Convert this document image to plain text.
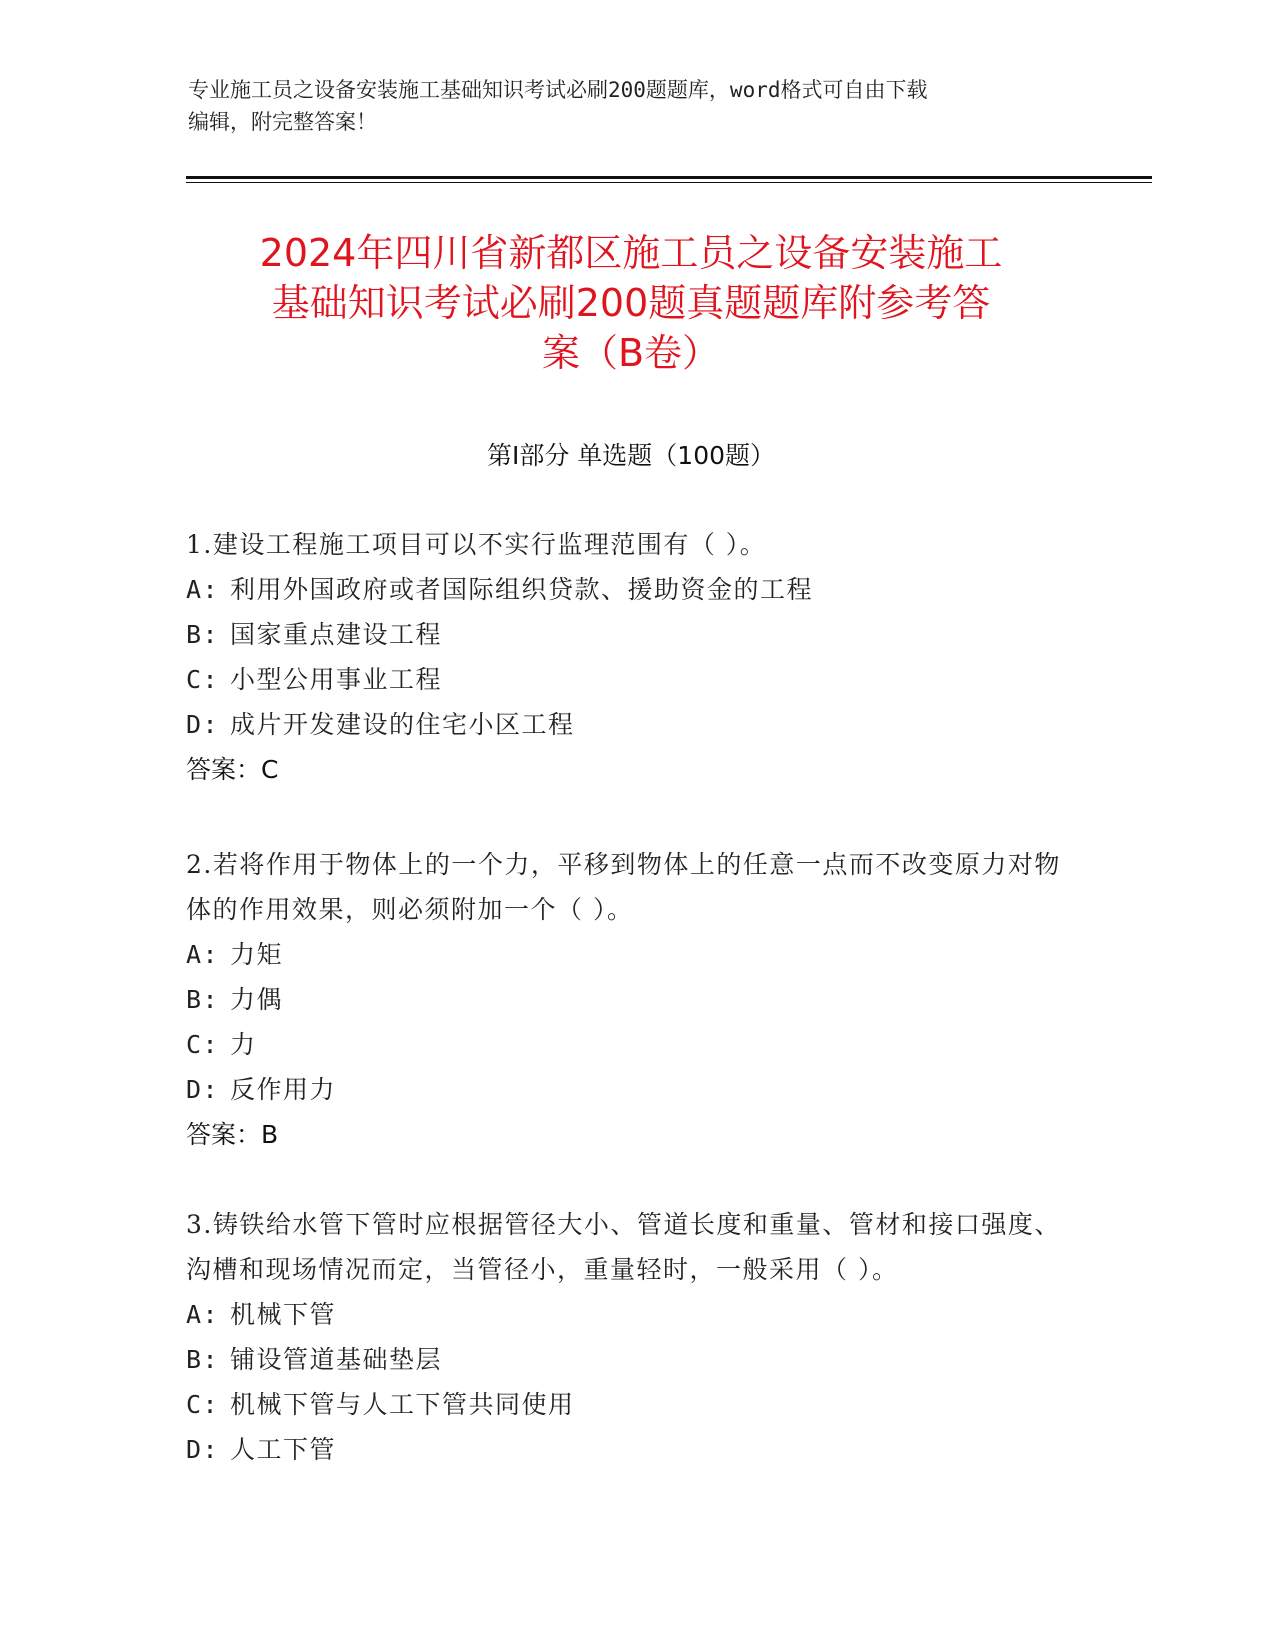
专业施工员之设备安装施工基础知识考试必刷200题题库，word格式可自由下载
编辑，附完整答案！
2024年四川省新都区施工员之设备安装施工
基础知识考试必刷200题真题题库附参考答
案（B卷）
第Ⅰ部分 单选题（100题）
1.建设工程施工项目可以不实行监理范围有（ ）。
A: 利用外国政府或者国际组织贷款、援助资金的工程
B: 国家重点建设工程
C: 小型公用事业工程
D: 成片开发建设的住宅小区工程
答案：C
2.若将作用于物体上的一个力，平移到物体上的任意一点而不改变原力对物体的作用效果，则必须附加一个（ ）。
A: 力矩
B: 力偶
C: 力
D: 反作用力
答案：B
3.铸铁给水管下管时应根据管径大小、管道长度和重量、管材和接口强度、沟槽和现场情况而定，当管径小，重量轻时，一般采用（ ）。
A: 机械下管
B: 铺设管道基础垫层
C: 机械下管与人工下管共同使用
D: 人工下管
